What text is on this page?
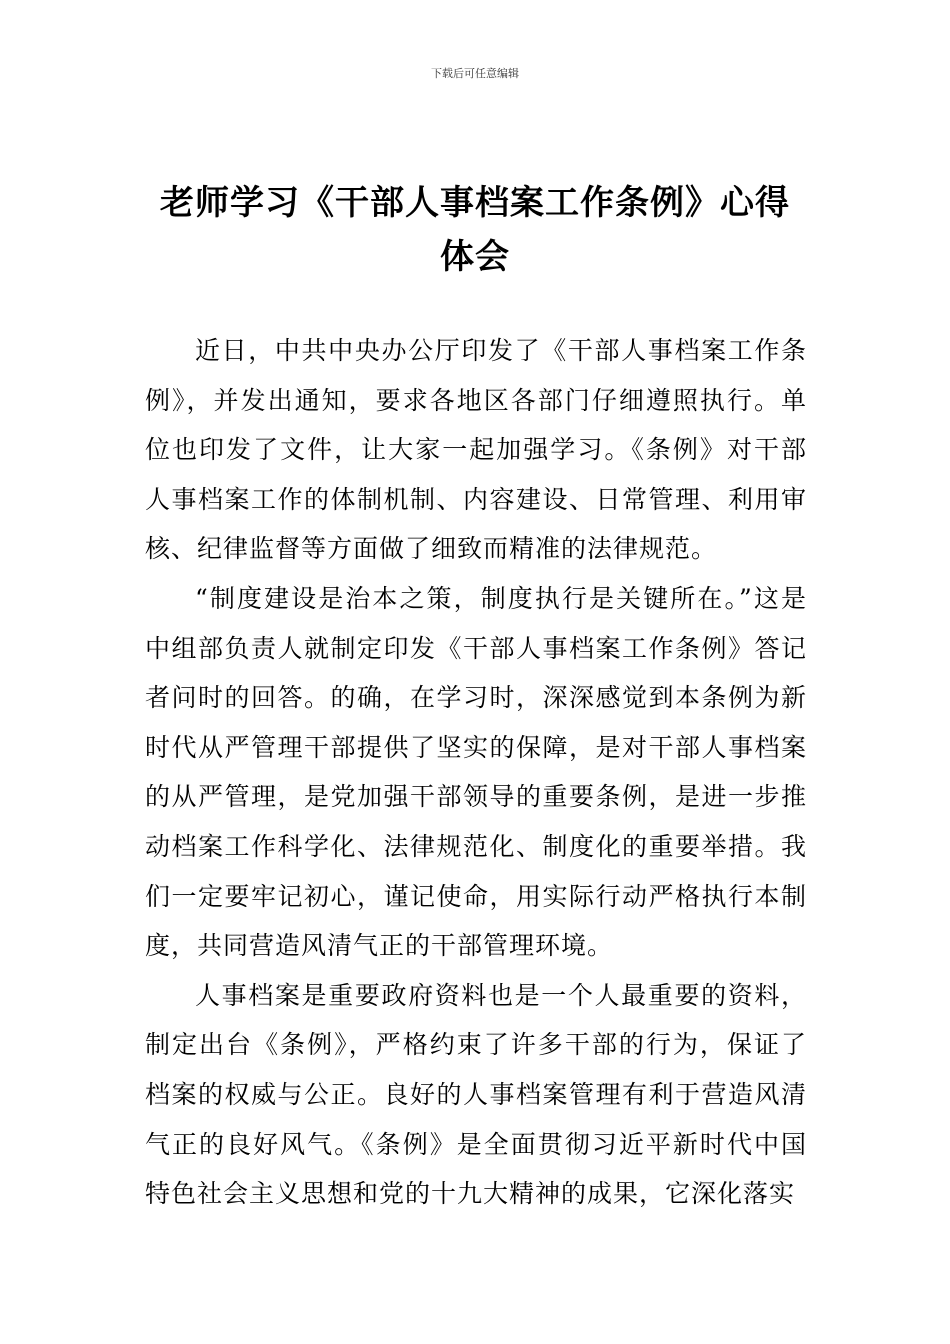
下载后可任意编辑
老师学习《干部人事档案工作条例》心得
体会

近日，中共中央办公厅印发了《干部人事档案工作条例》，并发出通知，要求各地区各部门仔细遵照执行。单位也印发了文件，让大家一起加强学习。《条例》对干部人事档案工作的体制机制、内容建设、日常管理、利用审核、纪律监督等方面做了细致而精准的法律规范。

“制度建设是治本之策，制度执行是关键所在。”这是中组部负责人就制定印发《干部人事档案工作条例》答记者问时的回答。的确，在学习时，深深感觉到本条例为新时代从严管理干部提供了坚实的保障，是对干部人事档案的从严管理，是党加强干部领导的重要条例，是进一步推动档案工作科学化、法律规范化、制度化的重要举措。我们一定要牢记初心，谨记使命，用实际行动严格执行本制度，共同营造风清气正的干部管理环境。

人事档案是重要政府资料也是一个人最重要的资料，制定出台《条例》，严格约束了许多干部的行为，保证了档案的权威与公正。良好的人事档案管理有利于营造风清气正的良好风气。《条例》是全面贯彻习近平新时代中国特色社会主义思想和党的十九大精神的成果，它深化落实
